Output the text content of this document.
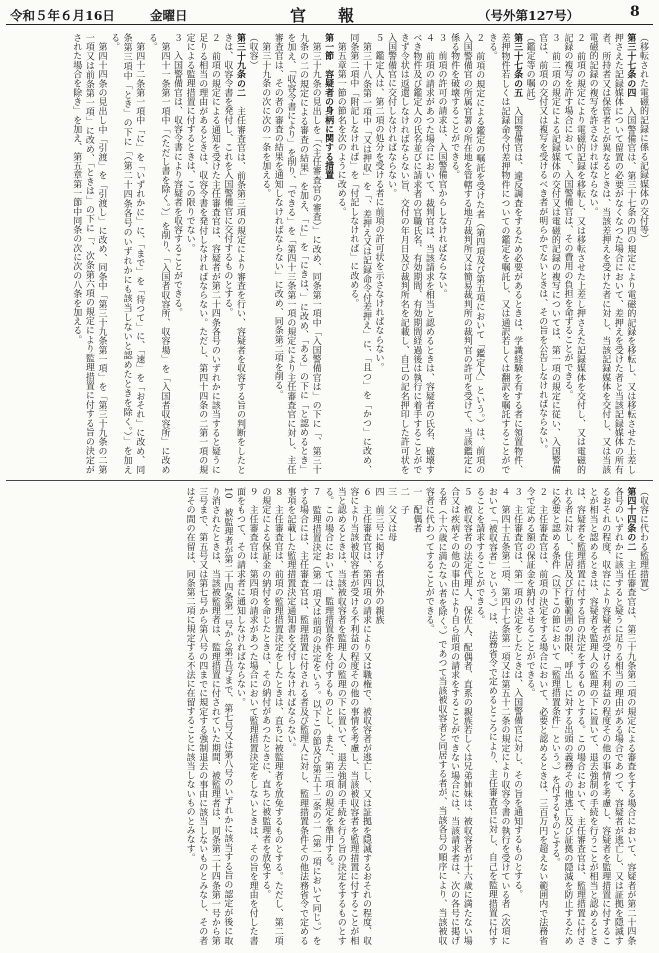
令和５年６月16日	金曜日	官　　報	（号外第127号）	8

（移転された電磁的記録に係る記録媒体の交付等）

第三十七条の四　入国警備官は、第三十七条の四の規定により電磁的記録を移転し、又は移転させた上差し押さえた記録媒体について留置の必要がなくなつた場合において、差押えを受けた者と当該記録媒体の所有者、所持者又は保管者とが異なるときは、当該差押えを受けた者に対し、当該記録媒体を交付し、又は当該電磁的記録の複写を許さなければならない。

２　前項の規定により電磁的記録を移転し、又は移転させた上差し押さえた記録媒体を交付し、又は電磁的記録の複写を許す場合において、入国警備官は、その費用の負担を命ずることができる。

３　前二項の規定による記録媒体の交付又は電磁的記録の複写については、第一項の規定に従い、入国警備官は、前項の交付又は複写を受けるべき者が明らかでないときは、その旨を公告しなければならない。

（鑑定等の嘱託）

第三十七条の五　入国警備官は、違反調査をするため必要があるときは、学識経験を有する者に領置物件、差押物件若しくは記録命令付差押物件についての鑑定を嘱託し、又は通訳若しくは翻訳を嘱託することができる。

２　前項の規定による鑑定の嘱託を受けた者（第四項及び第五項において「鑑定人」という。）は、前項の入国警備官の所属官署の所在地を管轄する地方裁判所又は簡易裁判所の裁判官の許可を受けて、当該鑑定に係る物件を破壊することができる。

３　前項の許可の請求は、入国警備官からしなければならない。

４　前項の請求があつた場合において、裁判官は、当該請求を相当と認めるときは、容疑者の氏名、破壊すべき物件及び鑑定人の氏名並びに請求者の官職氏名、有効期間、有効期間経過後は執行に着手することができず令状は返還しなければならない旨、交付の年月日及び裁判所名を記載し、自己の記名押印した許可状を入国警備官に交付しなければならない。

５　鑑定人は、第二項の処分を受ける者に前項の許可状を示さなければならない。

　第三十八条第一項中「又は押収」を「、差押え又は記録命令付差押え」に、「且つ」を「かつ」に改め、同条第二項中「附記しなければ」を「付記しなければ」に改める。

　第五章第一節の節名を次のように改める。

第一節　容疑者の身柄に関する措置

　第三十九条の見出しを「（主任審査官の審査）」に改め、同条第一項中「入国警備官は」の下に「、第三十九条の二の規定による審査の結果」を加え、「に」を「にきは、」に改め、「ある」の下に「と認めるとき」を加え、「収容令書により」を削り、「できる」を「第四十三条第一項の規定により主任審査官に対し、主任審査官は、その者の審査の結果を通知しなければならない」に改め、同条第二項を削る。

　第三十九条の次に次の一条を加える。

（収容）

第三十九条の二　主任審査官は、前条第三項の規定により審査を行い、容疑者を収容する旨の判断をしたときは、収容令書を発付し、これを入国警備官に交付するものとする。

２　前項の規定による通知を受けた主任審査官は、容疑者が第二十四条各号のいずれかに該当すると疑うに足りる相当の理由があるときは、収容令書を発付しなければならない。ただし、第四十四条の二第一項の規定による監理措置に付するときは、この限りでない。

３　入国警備官は、収容令書により容疑者を収容することができる。

　第四十一条第一項中「（ただし書を除く。）」を削り、「入国者収容所、収容場」を「入国者収容所」に改める。

　第四十二条第一項中「に」を「いずれかに」に、「まで」を「待つて」に、「速」を「おそれ」に改め、同条第三項中「とき」の下に「（第二十四条各号のいずれかにも該当しないと認めたときを除く。）」を加える。

　第四十四条の見出し中「引渡」を「引渡し」に改め、同条中「第三十九条第一項」を「第三十九条の二第一項又は前条第一項」に改め、「ときは」の下に「、次条第六項の規定により監理措置に付する旨の決定がされた場合を除き」を加え、第五章第一節中同条の次に次の八条を加える。

（収容に代わる監理措置）

第四十四条の二　主任審査官は、第三十九条第二項の規定による審査をする場合において、容疑者が第二十四条各号のいずれかに該当すると疑うに足りる相当の理由がある場合であつて、容疑者が逃亡し、又は証拠を隠滅するおそれの程度、収容により容疑者が受ける不利益の程度その他の事情を考慮し、容疑者を監理措置に付することが相当と認めるときは、容疑者を監理人の監理の下に置いて、退去強制の手続を行うことが相当と認めるときは、容疑者を監理措置に付する旨の決定をするものとする。この場合において、主任審査官は、監理措置に付される者に対し、住居及び行動範囲の制限、呼出しに対する出頭の義務その他逃亡及び証拠の隠滅を防止するために必要と認める条件（以下この節において「監理措置条件」という。）を付するものとする。

２　主任審査官は、前項の決定をする場合において、必要と認めるときは、三百万円を超えない範囲内で法務省令で定める額の保証金を納付させることができる。

３　主任審査官は、第一項の決定をしたときは、入国警備官に対し、その旨を通知するものとする。

４　第四十五条第二項、第四十七条第一項又は第五十二条の規定により収容令書の執行を受けている者（次項において「被収容者」という。）は、法務省令で定めるところにより、主任審査官に対し、自己を監理措置に付することを請求することができる。

５　被収容者の法定代理人、保佐人、配偶者、直系の親族若しくは兄弟姉妹は、被収容者が十六歳に満たない場合又は疾病その他の事由により自ら前項の請求をすることができない場合には、当該請求者は、次の各号に掲げる者（十六歳に満たない者を除く。）であつて当該被収容者と同居する者が、当該各号の順序により、当該被収容者に代わつてすることができる。

一　配偶者

二　子

三　父又は母

四　前三号に掲げる者以外の親族

６　主任審査官は、第四項の請求により又は職権で、被収容者が逃亡し、又は証拠を隠滅するおそれの程度、収容により当該被収容者が受ける不利益の程度その他の事情を考慮し、当該被収容者を監理措置に付することが相当と認めるときは、当該被収容者を監理人の監理の下に置いて、退去強制の手続を行う旨の決定をするものとする。この場合においては、監理措置条件を付するものとし、また、第二項の規定を準用する。

７　監理措置決定（第一項又は前項の決定をいう。以下この節及び第五十二条の二（第一項において同じ。）をする場合には、主任審査官は、監理措置に付される者及び監理人に対し、監理措置条件その他法務省令で定める事項を記載した監理措置決定通知書を交付しなければならない。

８　主任審査官は、前項の監理措置決定をしたときは、直ちに被監理者を放免するものとする。ただし、第二項の規定による保証金の納付を命じたときは、その納付があつたときに、直ちに被監理者を放免する。

９　主任審査官は、第四項の請求があつた場合において監理措置決定をしないときは、その旨を理由を付した書面をもつて、その請求者に通知しなければならない。

10　被監理者が第二十四条第一号から第五号まで、第七号又は第八号のいずれかに該当する旨の認定が後に取り消されたときは、当該被監理者は、監理措置に付されていた期間、被監理者は、同条第二十四条第一号から第三号まで、第五号又は第七号から第八号の四までに規定する強制退去の事由に該当しないものとみなし、その者はその間の在留は、同条第二項に規定する不法に在留することに該当しないものとみなす。
